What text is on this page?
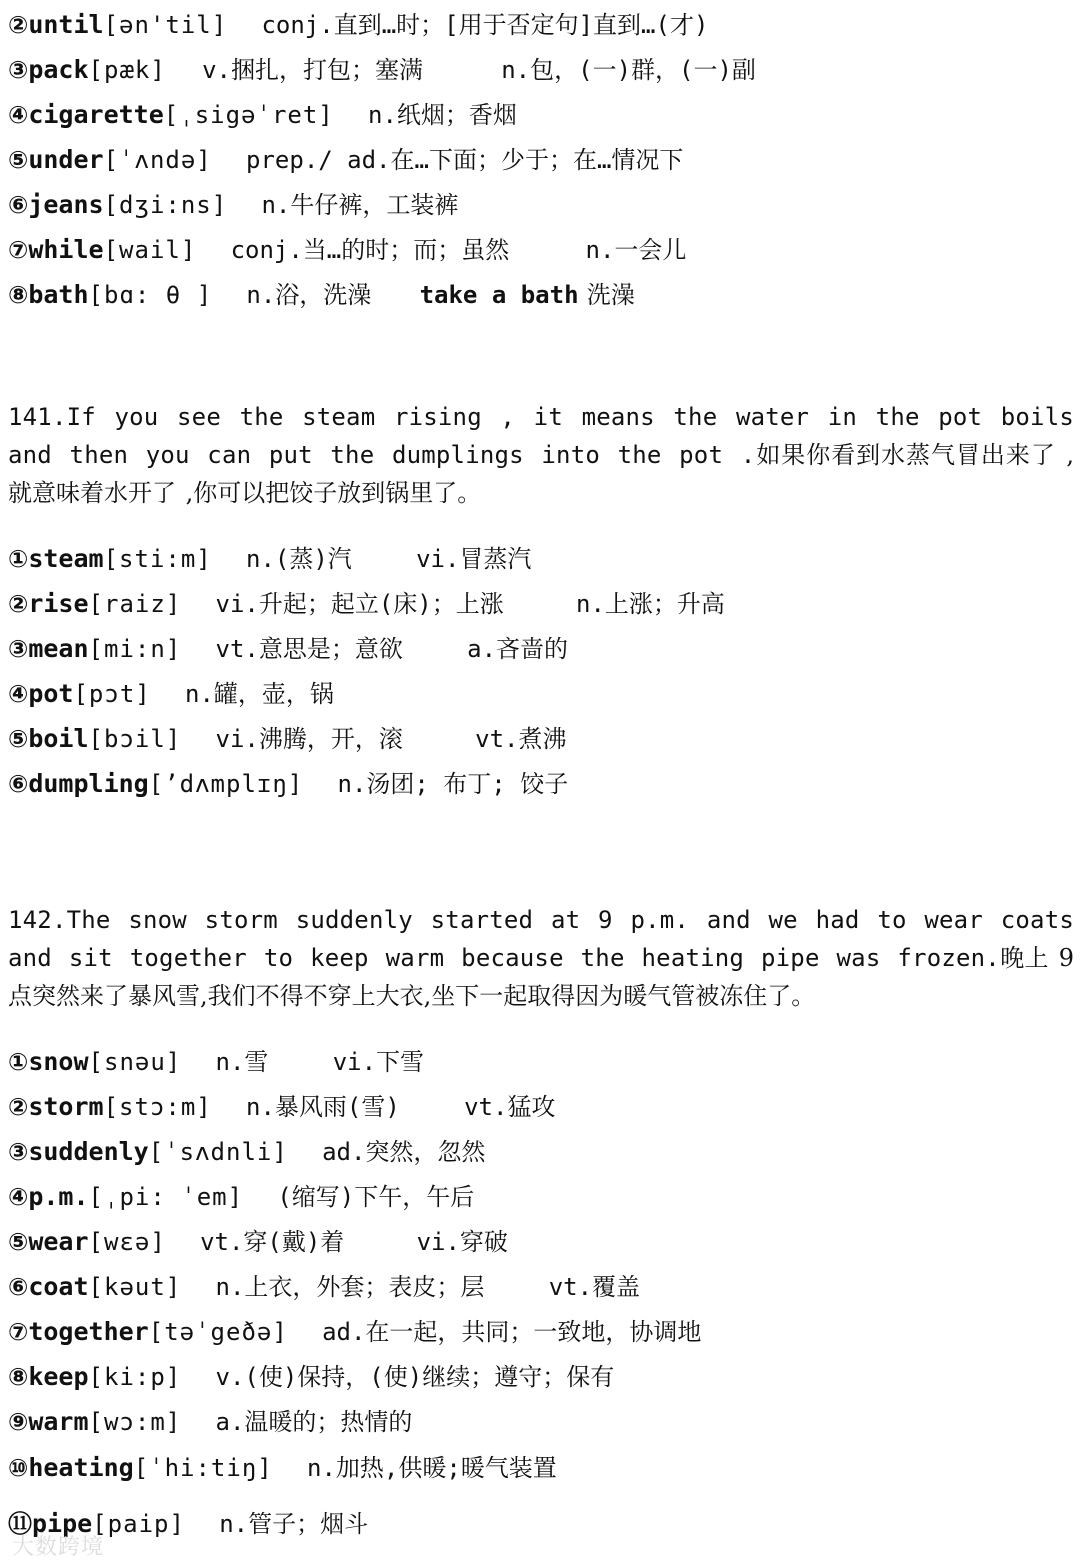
②until[ən'til] conj.直到…时；[用于否定句]直到…(才)
③pack[pæk] v.捆扎，打包；塞满	n.包，(一)群，(一)副
④cigarette[ˌsigəˈret] n.纸烟；香烟
⑤under[ˈʌndə] prep./ ad.在…下面；少于；在…情况下
⑥jeans[dʒi:ns] n.牛仔裤，工装裤
⑦while[wail] conj.当…的时；而；虽然	n.一会儿
⑧bath[bɑ: θ ] n.浴，洗澡 take a bath 洗澡
141.If you see the steam rising , it means the water in the pot boils and then you can put the dumplings into the pot .如果你看到水蒸气冒出来了 ,就意味着水开了 ,你可以把饺子放到锅里了。
①steam[sti:m] n.(蒸)汽	vi.冒蒸汽
②rise[raiz] vi.升起；起立(床)；上涨	n.上涨；升高
③mean[mi:n] vt.意思是；意欲	a.吝啬的
④pot[pɔt] n.罐，壶，锅
⑤boil[bɔil] vi.沸腾，开，滚	vt.煮沸
⑥dumpling[’dʌmplɪŋ] n.汤团; 布丁; 饺子
142.The snow storm suddenly started at 9 p.m. and we had to wear coats and sit together to keep warm because the heating pipe was frozen.晚上 9 点突然来了暴风雪,我们不得不穿上大衣,坐下一起取得因为暖气管被冻住了。
①snow[snəu] n.雪	vi.下雪
②storm[stɔ:m] n.暴风雨(雪)	vt.猛攻
③suddenly[ˈsʌdnli] ad.突然，忽然
④p.m.[ˌpi: ˈem] (缩写)下午，午后
⑤wear[wɛə] vt.穿(戴)着	vi.穿破
⑥coat[kəut] n.上衣，外套；表皮；层	vt.覆盖
⑦together[təˈgeðə] ad.在一起，共同；一致地，协调地
⑧keep[ki:p] v.(使)保持，(使)继续；遵守；保有
⑨warm[wɔ:m] a.温暖的；热情的
⑩heating[ˈhi:tiŋ] n.加热,供暖;暖气装置
⑪pipe[paip] n.管子；烟斗
大数跨境
